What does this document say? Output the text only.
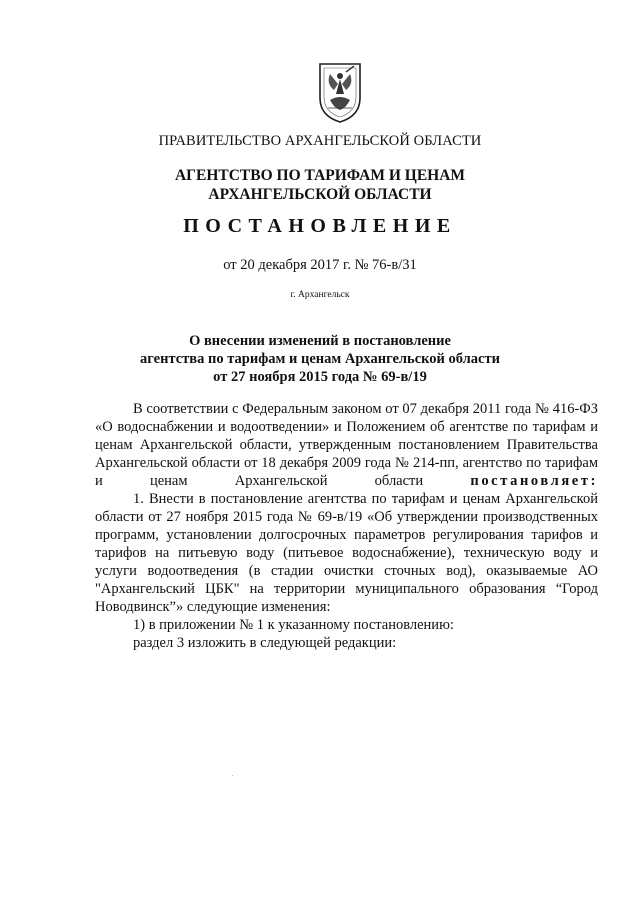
ПРАВИТЕЛЬСТВО АРХАНГЕЛЬСКОЙ ОБЛАСТИ
АГЕНТСТВО ПО ТАРИФАМ И ЦЕНАМ
АРХАНГЕЛЬСКОЙ ОБЛАСТИ
ПОСТАНОВЛЕНИЕ
от 20 декабря 2017 г. № 76-в/31
г. Архангельск
О внесении изменений в постановление
агентства по тарифам и ценам Архангельской области
от 27 ноября 2015 года № 69-в/19

В соответствии с Федеральным законом от 07 декабря 2011 года № 416-ФЗ «О водоснабжении и водоотведении» и Положением об агентстве по тарифам и ценам Архангельской области, утвержденным постановлением Правительства Архангельской области от 18 декабря 2009 года № 214-пп, агентство по тарифам и ценам Архангельской области	постановляет:

1. Внести в постановление агентства по тарифам и ценам Архангельской области от 27 ноября 2015 года № 69-в/19 «Об утверждении производственных программ, установлении долгосрочных параметров регулирования тарифов и тарифов на питьевую воду (питьевое водоснабжение), техническую воду и услуги водоотведения (в стадии очистки сточных вод), оказываемые АО "Архангельский ЦБК" на территории муниципального образования “Город Новодвинск”» следующие изменения:

1) в приложении № 1 к указанному постановлению:

раздел 3 изложить в следующей редакции:
